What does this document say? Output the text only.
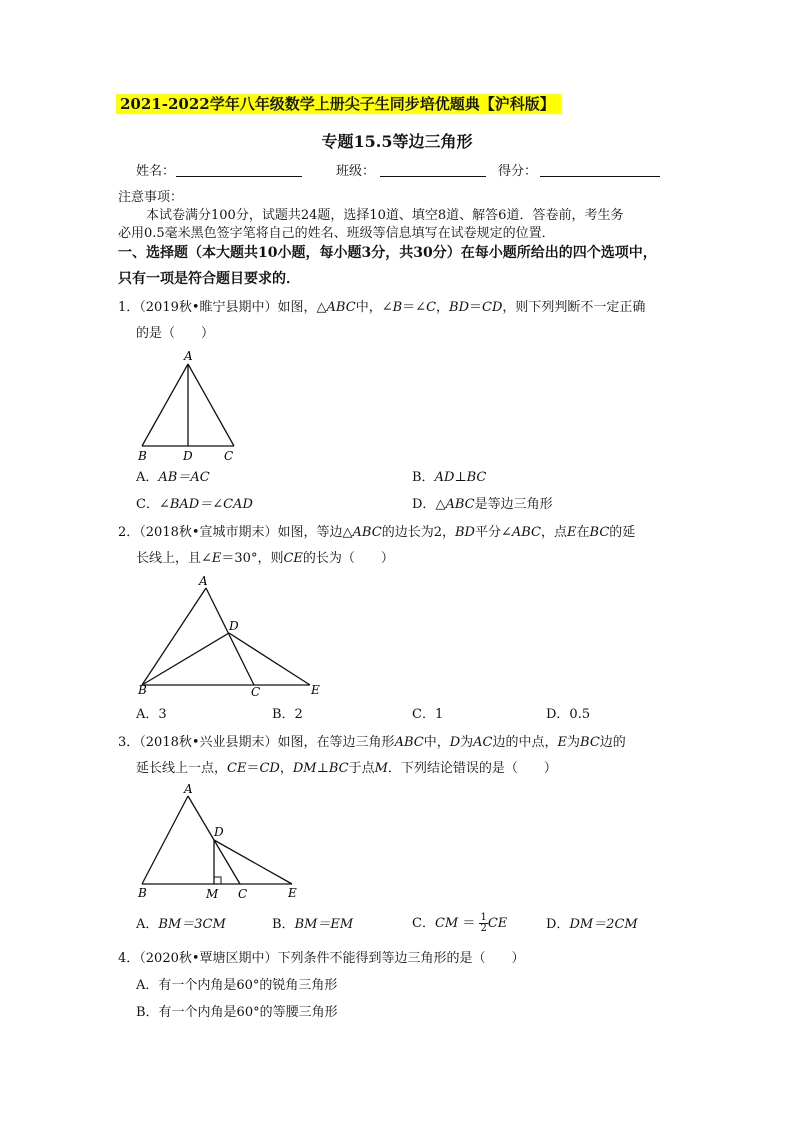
2021-2022学年八年级数学上册尖子生同步培优题典【沪科版】
专题15.5等边三角形
姓名：	班级：	得分：
注意事项：
本试卷满分100分，试题共24题，选择10道、填空8道、解答6道．答卷前，考生务
必用0.5毫米黑色签字笔将自己的姓名、班级等信息填写在试卷规定的位置．
一、选择题（本大题共10小题，每小题3分，共30分）在每小题所给出的四个选项中，
只有一项是符合题目要求的．
1．（2019秋•睢宁县期中）如图，△ABC中，∠B＝∠C，BD＝CD，则下列判断不一定正确
的是（　　）
A
B	D	C
A．AB＝AC	B．AD⊥BC
C．∠BAD＝∠CAD	D．△ABC是等边三角形
2．（2018秋•宣城市期末）如图，等边△ABC的边长为2，BD平分∠ABC，点E在BC的延
长线上，且∠E＝30°，则CE的长为（　　）
A
B	C
D
E
A．3	B．2	C．1	D．0.5
3．（2018秋•兴业县期末）如图，在等边三角形ABC中，D为AC边的中点，E为BC边的
延长线上一点，CE＝CD，DM⊥BC于点M．下列结论错误的是（　　）
A
B	C
D
E
M
A．BM＝3CM	B．BM＝EM	C．CM ＝ $\frac{1}{2}$ CE	D．DM＝2CM
4．（2020秋•覃塘区期中）下列条件不能得到等边三角形的是（　　）
A．有一个内角是60°的锐角三角形
B．有一个内角是60°的等腰三角形
